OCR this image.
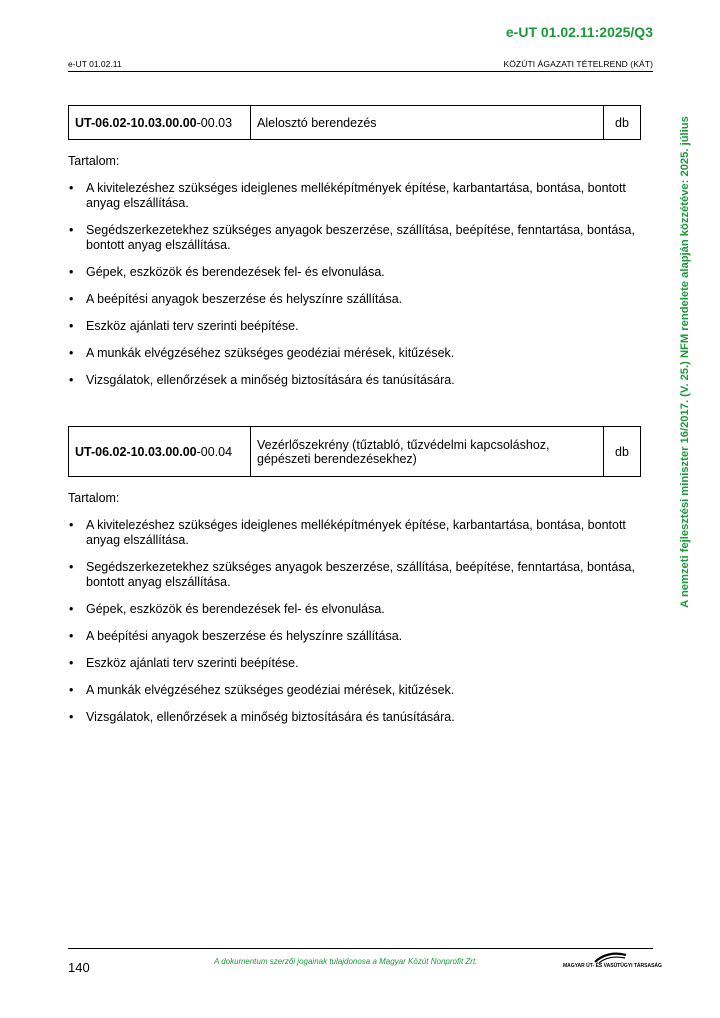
e-UT 01.02.11:2025/Q3
e-UT 01.02.11	KÖZÚTI ÁGAZATI TÉTELREND (KÁT)
UT-06.02-10.03.00.00-00.03	Alelosztó berendezés	db
Tartalom:
• A kivitelezéshez szükséges ideiglenes melléképítmények építése, karbantartása, bontása, bontott anyag elszállítása.
• Segédszerkezetekhez szükséges anyagok beszerzése, szállítása, beépítése, fenntartása, bontása, bontott anyag elszállítása.
• Gépek, eszközök és berendezések fel- és elvonulása.
• A beépítési anyagok beszerzése és helyszínre szállítása.
• Eszköz ajánlati terv szerinti beépítése.
• A munkák elvégzéséhez szükséges geodéziai mérések, kitűzések.
• Vizsgálatok, ellenőrzések a minőség biztosítására és tanúsítására.
UT-06.02-10.03.00.00-00.04	Vezérlőszekrény (tűztabló, tűzvédelmi kapcsoláshoz, gépészeti berendezésekhez)	db
Tartalom:
• A kivitelezéshez szükséges ideiglenes melléképítmények építése, karbantartása, bontása, bontott anyag elszállítása.
• Segédszerkezetekhez szükséges anyagok beszerzése, szállítása, beépítése, fenntartása, bontása, bontott anyag elszállítása.
• Gépek, eszközök és berendezések fel- és elvonulása.
• A beépítési anyagok beszerzése és helyszínre szállítása.
• Eszköz ajánlati terv szerinti beépítése.
• A munkák elvégzéséhez szükséges geodéziai mérések, kitűzések.
• Vizsgálatok, ellenőrzések a minőség biztosítására és tanúsítására.
A nemzeti fejlesztési miniszter 16/2017. (V. 25.) NFM rendelete alapján közzétéve: 2025. július
140	A dokumentum szerzői jogainak tulajdonosa a Magyar Közút Nonprofit Zrt.	MAGYAR ÚT- ÉS VASÚTÜGYI TÁRSASÁG
